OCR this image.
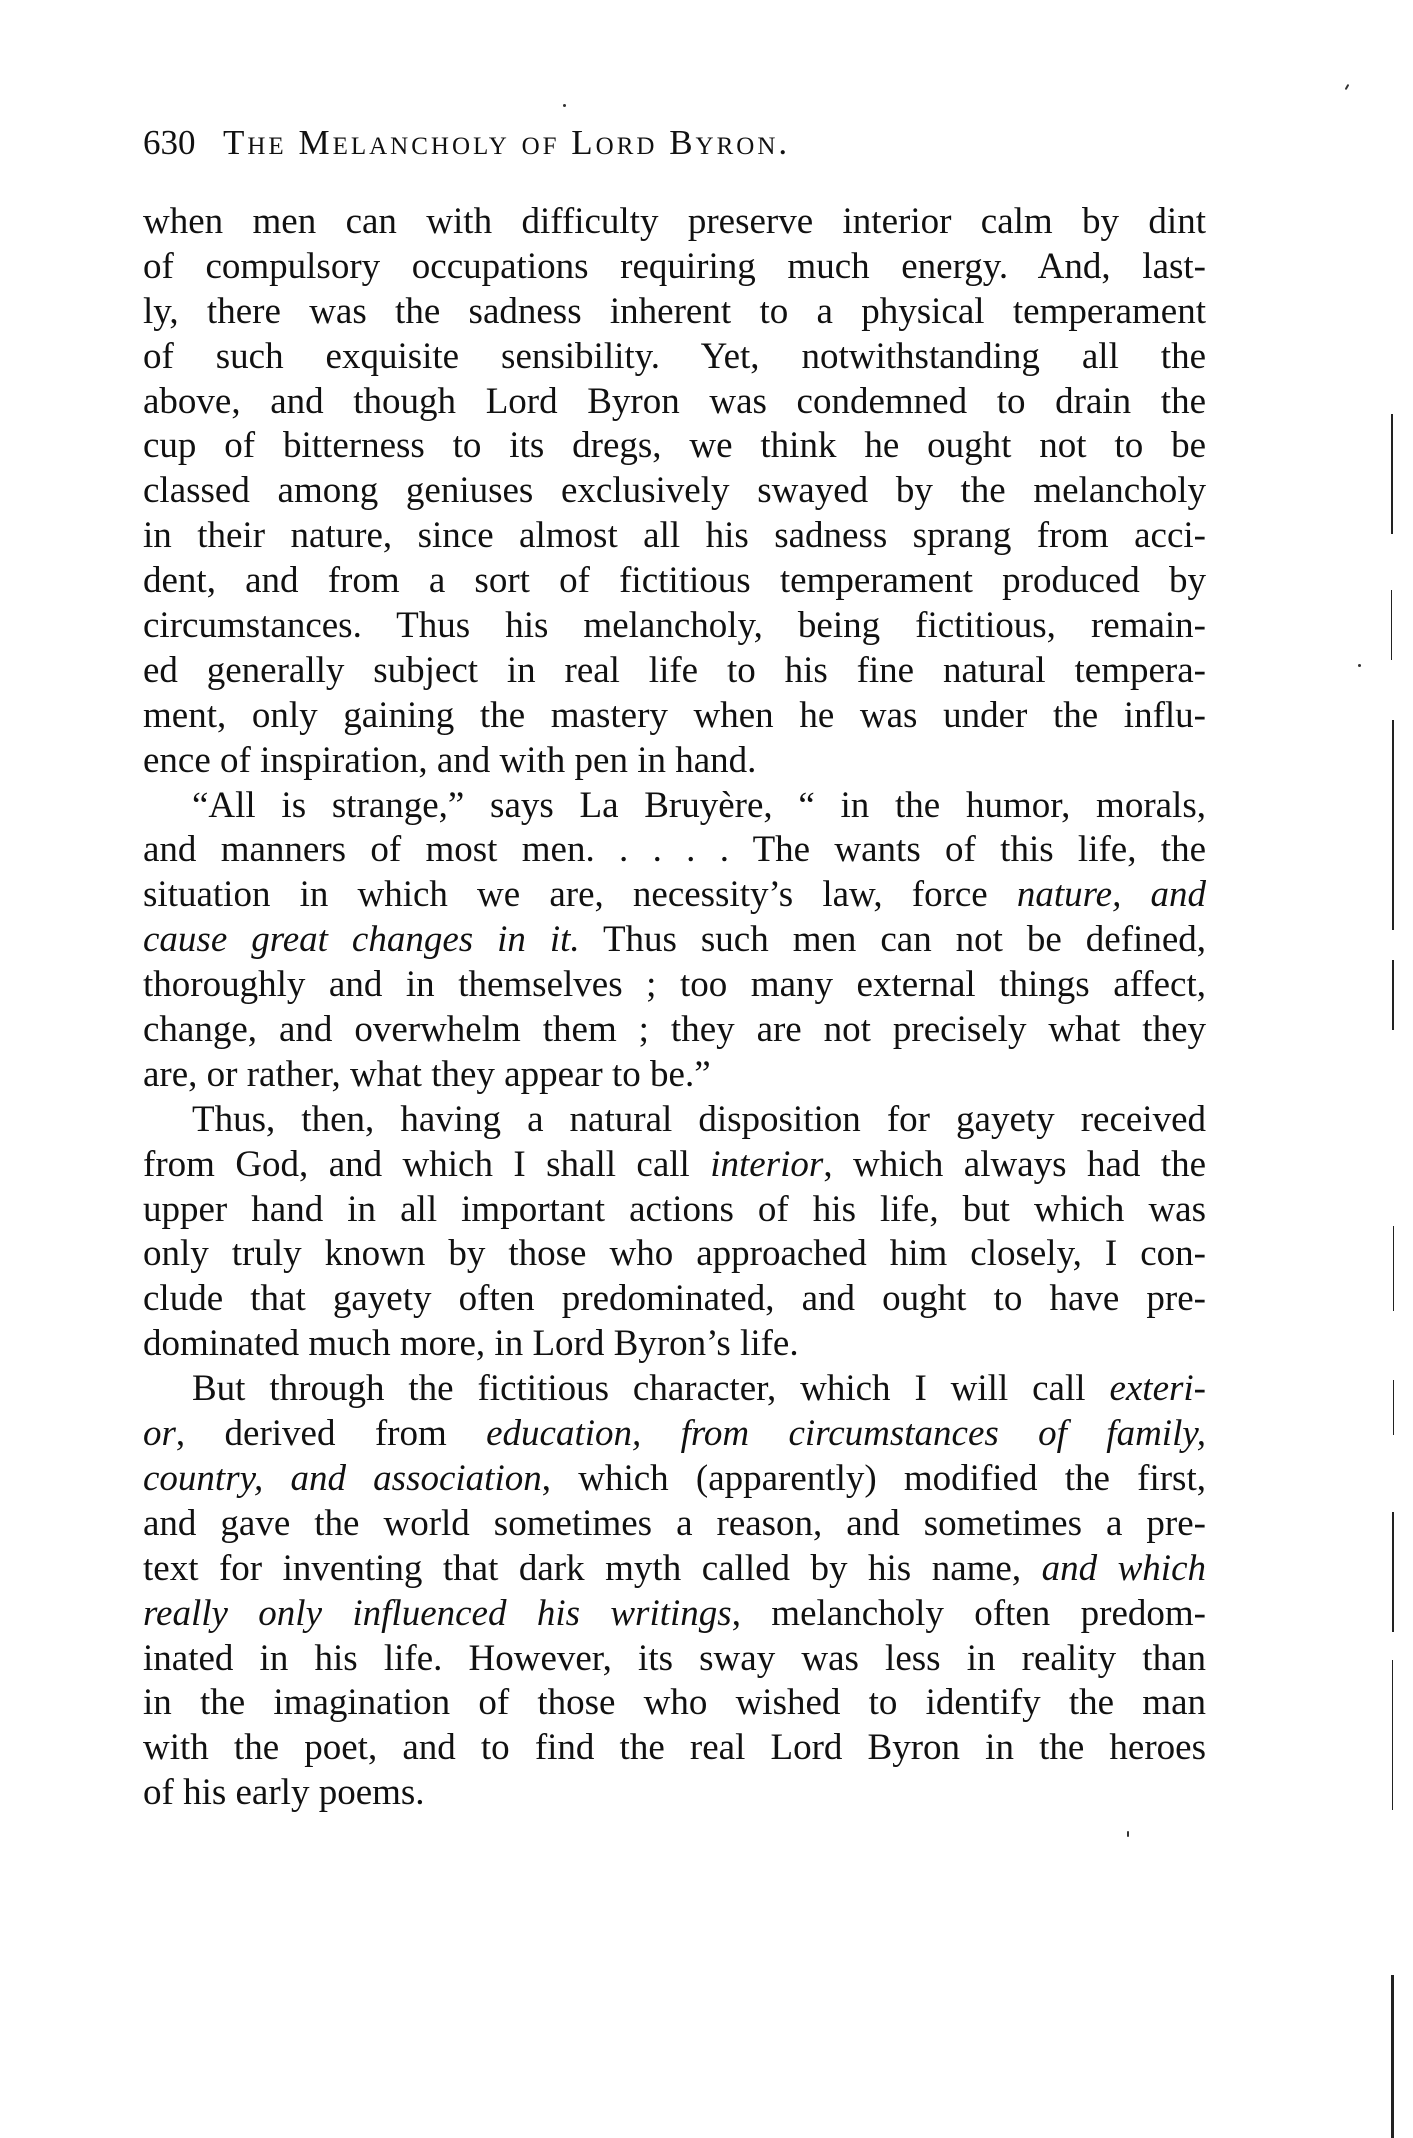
630 The Melancholy of Lord Byron.
when men can with difficulty preserve interior calm by dint
of compulsory occupations requiring much energy. And, last-
ly, there was the sadness inherent to a physical temperament
of such exquisite sensibility. Yet, notwithstanding all the
above, and though Lord Byron was condemned to drain the
cup of bitterness to its dregs, we think he ought not to be
classed among geniuses exclusively swayed by the melancholy
in their nature, since almost all his sadness sprang from acci-
dent, and from a sort of fictitious temperament produced by
circumstances. Thus his melancholy, being fictitious, remain-
ed generally subject in real life to his fine natural tempera-
ment, only gaining the mastery when he was under the influ-
ence of inspiration, and with pen in hand.
“All is strange,” says La Bruyère, “ in the humor, morals,
and manners of most men. . . . . The wants of this life, the
situation in which we are, necessity’s law, force nature, and
cause great changes in it. Thus such men can not be defined,
thoroughly and in themselves ; too many external things affect,
change, and overwhelm them ; they are not precisely what they
are, or rather, what they appear to be.”
Thus, then, having a natural disposition for gayety received
from God, and which I shall call interior, which always had the
upper hand in all important actions of his life, but which was
only truly known by those who approached him closely, I con-
clude that gayety often predominated, and ought to have pre-
dominated much more, in Lord Byron’s life.
But through the fictitious character, which I will call exteri-
or, derived from education, from circumstances of family,
country, and association, which (apparently) modified the first,
and gave the world sometimes a reason, and sometimes a pre-
text for inventing that dark myth called by his name, and which
really only influenced his writings, melancholy often predom-
inated in his life. However, its sway was less in reality than
in the imagination of those who wished to identify the man
with the poet, and to find the real Lord Byron in the heroes
of his early poems.
